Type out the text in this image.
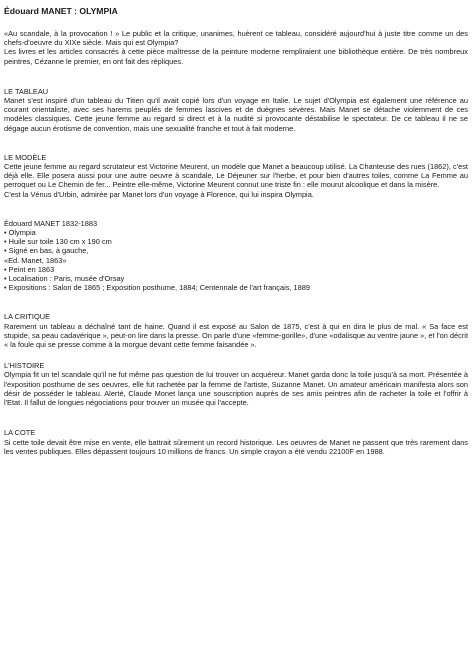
Édouard MANET : OLYMPIA

«Au scandale, à la provocation ! » Le public et la critique, unanimes, huèrent ce tableau, considéré aujourd'hui à juste titre comme un des chefs-d'oeuvre du XIXe siècle. Mais qui est Olympia?

Les livres et les articles consacrés à cette pièce maîtresse de la peinture moderne rempliraient une bibliothèque entière. De très nombreux peintres, Cézanne le premier, en ont fait des répliques.

LE TABLEAU

Manet s'est inspiré d'un tableau du Titien qu'il avait copié lors d'un voyage en Italie. Le sujet d'Olympia est également une référence au courant orientaliste, avec ses harems peuplés de femmes lascives et de duègnes sévères. Mais Manet se détache violemment de ces modèles classiques. Cette jeune femme au regard si direct et à la nudité si provocante déstabilise le spectateur. De ce tableau il ne se dégage aucun érotisme de convention, mais une sexualité franche et tout à fait moderne.

LE MODÈLE

Cette jeune femme au regard scrutateur est Victorine Meurent, un modèle que Manet a beaucoup utilisé. La Chanteuse des rues (1862), c'est déjà elle. Elle posera aussi pour une autre oeuvre à scandale, Le Déjeuner sur l'herbe, et pour bien d'autres toiles, comme La Femme au perroquet ou Le Chemin de fer... Peintre elle-même, Victorine Meurent connut une triste fin : elle mourut alcoolique et dans la misère.

C'est la Vénus d'Urbin, admirée par Manet lors d'un voyage à Florence, qui lui inspira Olympia.

Édouard MANET 1832-1883

• Olympia
• Huile sur toile 130 cm x 190 cm
• Signé en bas, à gauche,
«Ed. Manet, 1863»
• Peint en 1863
• Localisation : Paris, musée d'Orsay
• Expositions : Salon de 1865 ; Exposition posthume, 1884; Centennale de l'art français, 1889

LA CRITIQUE

Rarement un tableau a déchaîné tant de haine. Quand il est exposé au Salon de 1875, c'est à qui en dira le plus de mal. « Sa face est stupide, sa peau cadavérique », peut-on lire dans la presse. On parle d'une «femme-gorille», d'une «odalisque au ventre jaune », et l'on décrit « la foule qui se presse comme à la morgue devant cette femme faisandée ».

L'HISTOIRE

Olympia fit un tel scandale qu'il ne fut même pas question de lui trouver un acquéreur. Manet garda donc la toile jusqu'à sa mort. Présentée à l'exposition posthume de ses oeuvres, elle fut rachetée par la femme de l'artiste, Suzanne Manet. Un amateur américain manifesta alors son désir de posséder le tableau. Alerté, Claude Monet lança une souscription auprès de ses amis peintres afin de racheter la toile et l'offrir à l'Etat. Il fallut de longues négociations pour trouver un musée qui l'accepte.

LA COTE

Si cette toile devait être mise en vente, elle battrait sûrement un record historique. Les oeuvres de Manet ne passent que très rarement dans les ventes publiques. Elles dépassent toujours 10 millions de francs. Un simple crayon a été vendu 22100F en 1988.
